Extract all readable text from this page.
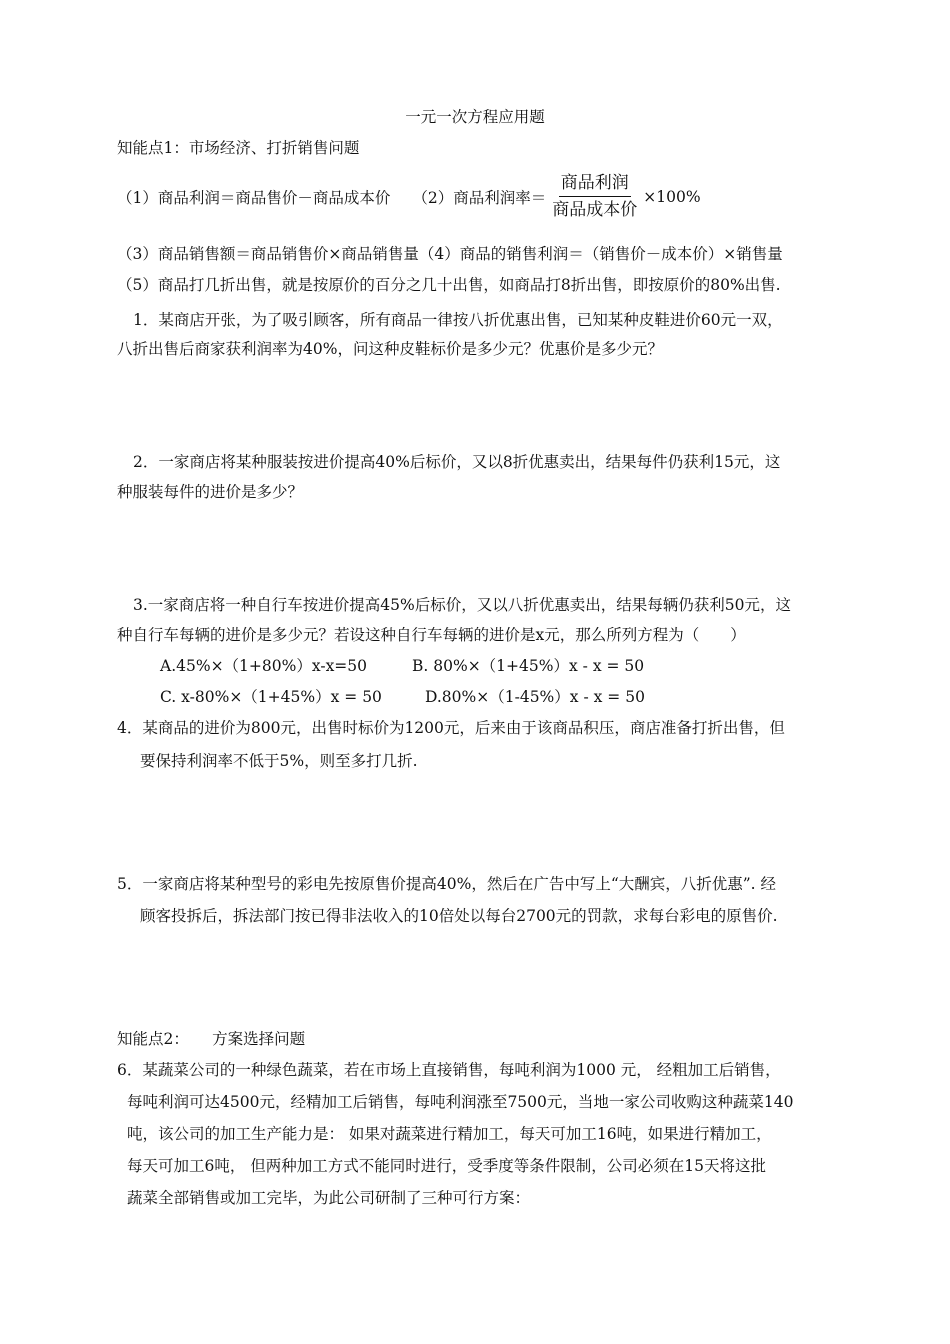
一元一次方程应用题
知能点1：市场经济、打折销售问题
（1）商品利润＝商品售价－商品成本价 （2）商品利润率＝ $\frac{\text{商品利润}}{\text{商品成本价}} \times 100\%$
（3）商品销售额＝商品销售价×商品销售量（4）商品的销售利润＝（销售价－成本价）×销售量
（5）商品打几折出售，就是按原价的百分之几十出售，如商品打8折出售，即按原价的80%出售.
1．某商店开张，为了吸引顾客，所有商品一律按八折优惠出售，已知某种皮鞋进价60元一双，
八折出售后商家获利润率为40%，问这种皮鞋标价是多少元？优惠价是多少元？
2．一家商店将某种服装按进价提高40%后标价，又以8折优惠卖出，结果每件仍获利15元，这
种服装每件的进价是多少？
3.一家商店将一种自行车按进价提高45%后标价，又以八折优惠卖出，结果每辆仍获利50元，这
种自行车每辆的进价是多少元？若设这种自行车每辆的进价是x元，那么所列方程为（　　）
A.45%×（1+80%）x-x=50	B. 80%×（1+45%）x - x = 50
C. x-80%×（1+45%）x = 50	D.80%×（1-45%）x - x = 50
4．某商品的进价为800元，出售时标价为1200元，后来由于该商品积压，商店准备打折出售，但
要保持利润率不低于5%，则至多打几折.
5．一家商店将某种型号的彩电先按原售价提高40%，然后在广告中写上“大酬宾，八折优惠”. 经
顾客投拆后，拆法部门按已得非法收入的10倍处以每台2700元的罚款，求每台彩电的原售价.
知能点2：　　方案选择问题
6．某蔬菜公司的一种绿色蔬菜，若在市场上直接销售，每吨利润为1000 元， 经粗加工后销售，
每吨利润可达4500元，经精加工后销售，每吨利润涨至7500元，当地一家公司收购这种蔬菜140
吨，该公司的加工生产能力是： 如果对蔬菜进行精加工，每天可加工16吨，如果进行精加工，
每天可加工6吨， 但两种加工方式不能同时进行，受季度等条件限制，公司必须在15天将这批
蔬菜全部销售或加工完毕，为此公司研制了三种可行方案：
